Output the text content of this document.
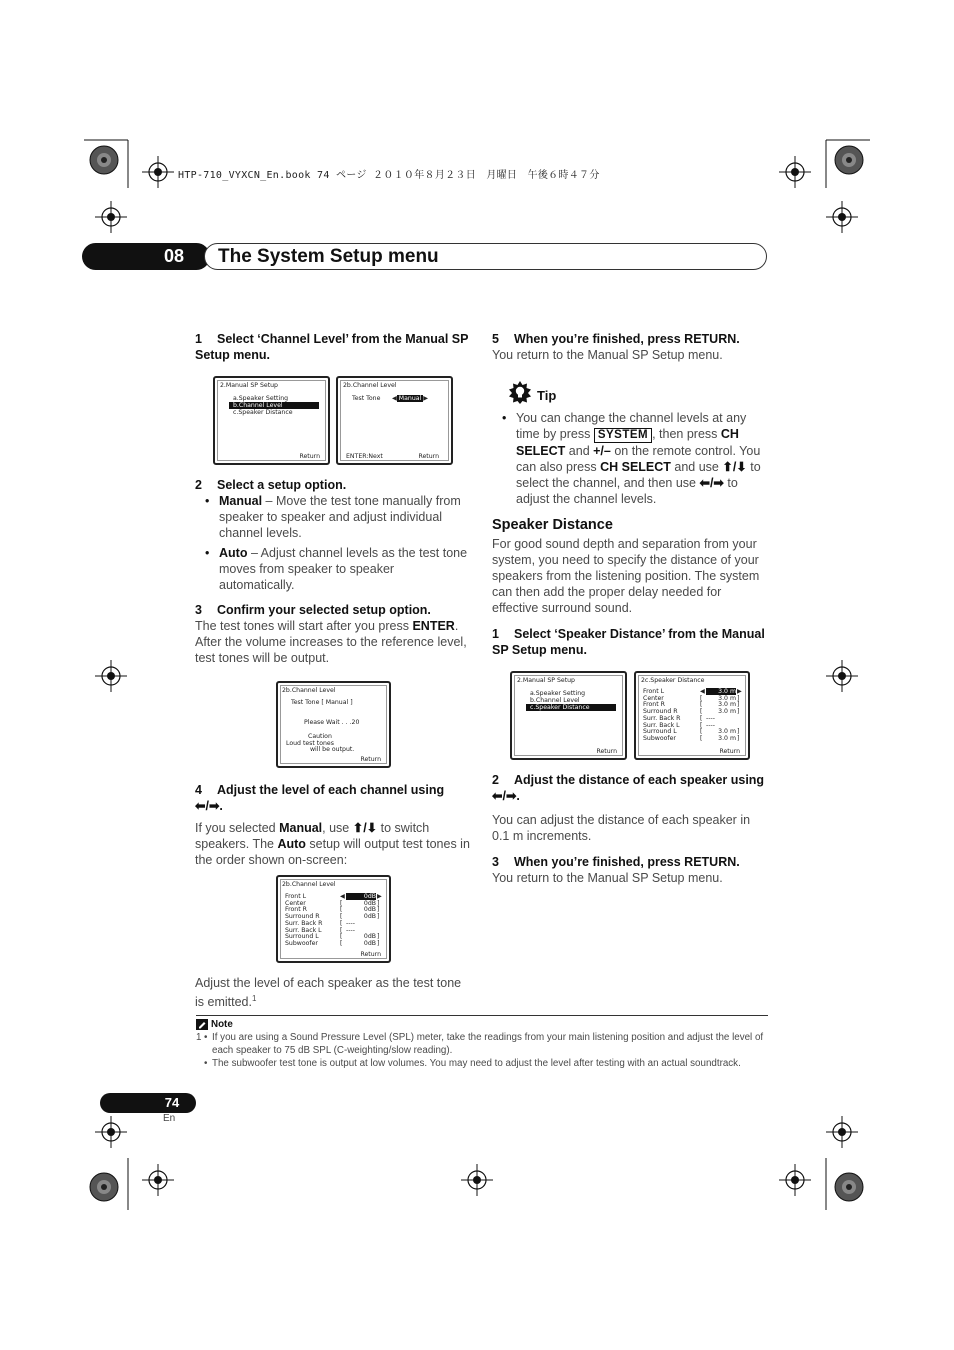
HTP-710_VYXCN_En.book 74 ページ ２０１０年８月２３日　月曜日　午後６時４７分
08	The System Setup menu
1 Select ‘Channel Level’ from the Manual SP Setup menu.
2.Manual SP Setup
a.Speaker Setting
b.Channel Level
c.Speaker Distance
Return
2b.Channel Level
Test Tone ◀ Manual ▶
ENTER:Next	Return
2 Select a setup option.
• Manual – Move the test tone manually from speaker to speaker and adjust individual channel levels.
• Auto – Adjust channel levels as the test tone moves from speaker to speaker automatically.
3 Confirm your selected setup option.
The test tones will start after you press ENTER. After the volume increases to the reference level, test tones will be output.
2b.Channel Level
Test Tone [ Manual ]
Please Wait . . .20
Caution
Loud test tones
will be output.
Return
4 Adjust the level of each channel using
⬅/➡.
If you selected Manual, use ⬆/⬇ to switch speakers. The Auto setup will output test tones in the order shown on-screen:
2b.Channel Level
Front L	◀	0dB ▶
Center	[	0dB ]
Front R	[	0dB ]
Surround R	[	0dB ]
Surr. Back R	[ ----
Surr. Back L	[ ----
Surround L	[	0dB ]
Subwoofer	[	0dB ]
Return
Adjust the level of each speaker as the test tone is emitted.$^1$
5 When you’re finished, press RETURN.
You return to the Manual SP Setup menu.
Tip
• You can change the channel levels at any time by press SYSTEM , then press CH SELECT and +/– on the remote control. You can also press CH SELECT and use ⬆/⬇ to select the channel, and then use ⬅/➡ to adjust the channel levels.
Speaker Distance
For good sound depth and separation from your system, you need to specify the distance of your speakers from the listening position. The system can then add the proper delay needed for effective surround sound.
1 Select ‘Speaker Distance’ from the Manual SP Setup menu.
2.Manual SP Setup
a.Speaker Setting
b.Channel Level
c.Speaker Distance
Return
2c.Speaker Distance
Front L	◀	3.0 m ▶
Center	[	3.0 m ]
Front R	[	3.0 m ]
Surround R	[	3.0 m ]
Surr. Back R	[ ----
Surr. Back L	[ ----
Surround L	[	3.0 m ]
Subwoofer	[	3.0 m ]
Return
2 Adjust the distance of each speaker using
⬅/➡.
You can adjust the distance of each speaker in 0.1 m increments.
3 When you’re finished, press RETURN.
You return to the Manual SP Setup menu.
Note
1 • If you are using a Sound Pressure Level (SPL) meter, take the readings from your main listening position and adjust the level of each speaker to 75 dB SPL (C-weighting/slow reading).
• The subwoofer test tone is output at low volumes. You may need to adjust the level after testing with an actual soundtrack.
74
En
